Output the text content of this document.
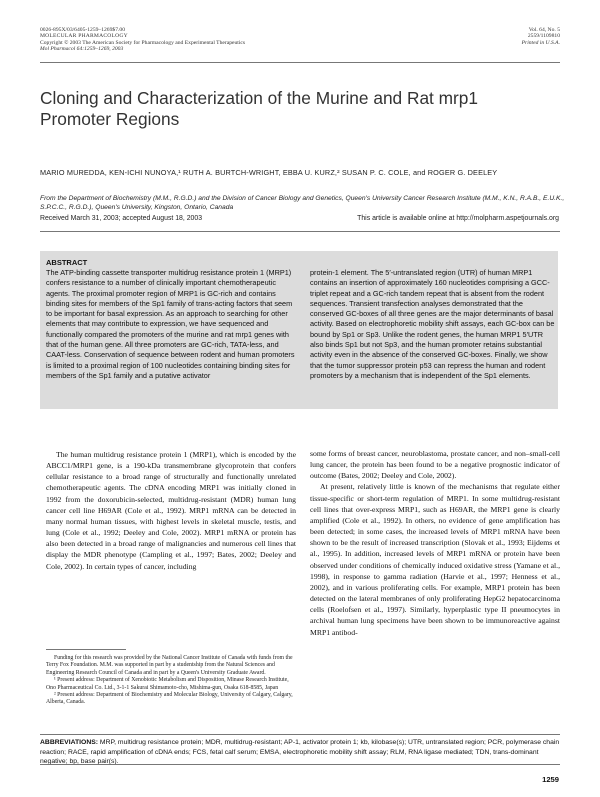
0026-895X/03/6405-1259–1269$7.00
MOLECULAR PHARMACOLOGY
Copyright © 2003 The American Society for Pharmacology and Experimental Therapeutics
Mol Pharmacol 64:1259–1269, 2003
Vol. 64, No. 5
2559/1109810
Printed in U.S.A.
Cloning and Characterization of the Murine and Rat mrp1 Promoter Regions
MARIO MUREDDA, KEN-ICHI NUNOYA,¹ RUTH A. BURTCH-WRIGHT, EBBA U. KURZ,² SUSAN P. C. COLE, and ROGER G. DEELEY
From the Department of Biochemistry (M.M., R.G.D.) and the Division of Cancer Biology and Genetics, Queen's University Cancer Research Institute (M.M., K.N., R.A.B., E.U.K., S.P.C.C., R.G.D.), Queen's University, Kingston, Ontario, Canada
Received March 31, 2003; accepted August 18, 2003	This article is available online at http://molpharm.aspetjournals.org
ABSTRACT
The ATP-binding cassette transporter multidrug resistance protein 1 (MRP1) confers resistance to a number of clinically important chemotherapeutic agents. The proximal promoter region of MRP1 is GC-rich and contains binding sites for members of the Sp1 family of trans-acting factors that seem to be important for basal expression. As an approach to searching for other elements that may contribute to expression, we have sequenced and functionally compared the promoters of the murine and rat mrp1 genes with that of the human gene. All three promoters are GC-rich, TATA-less, and CAAT-less. Conservation of sequence between rodent and human promoters is limited to a proximal region of 100 nucleotides containing binding sites for members of the Sp1 family and a putative activator
protein-1 element. The 5′-untranslated region (UTR) of human MRP1 contains an insertion of approximately 160 nucleotides comprising a GCC-triplet repeat and a GC-rich tandem repeat that is absent from the rodent sequences. Transient transfection analyses demonstrated that the conserved GC-boxes of all three genes are the major determinants of basal activity. Based on electrophoretic mobility shift assays, each GC-box can be bound by Sp1 or Sp3. Unlike the rodent genes, the human MRP1 5′UTR also binds Sp1 but not Sp3, and the human promoter retains substantial activity even in the absence of the conserved GC-boxes. Finally, we show that the tumor suppressor protein p53 can repress the human and rodent promoters by a mechanism that is independent of the Sp1 elements.

The human multidrug resistance protein 1 (MRP1), which is encoded by the ABCC1/MRP1 gene, is a 190-kDa transmembrane glycoprotein that confers cellular resistance to a broad range of structurally and functionally unrelated chemotherapeutic agents. The cDNA encoding MRP1 was initially cloned in 1992 from the doxorubicin-selected, multidrug-resistant (MDR) human lung cancer cell line H69AR (Cole et al., 1992). MRP1 mRNA can be detected in many normal human tissues, with highest levels in skeletal muscle, testis, and lung (Cole et al., 1992; Deeley and Cole, 2002). MRP1 mRNA or protein has also been detected in a broad range of malignancies and numerous cell lines that display the MDR phenotype (Campling et al., 1997; Bates, 2002; Deeley and Cole, 2002). In certain types of cancer, including

some forms of breast cancer, neuroblastoma, prostate cancer, and non–small-cell lung cancer, the protein has been found to be a negative prognostic indicator of outcome (Bates, 2002; Deeley and Cole, 2002).

At present, relatively little is known of the mechanisms that regulate either tissue-specific or short-term regulation of MRP1. In some multidrug-resistant cell lines that over-express MRP1, such as H69AR, the MRP1 gene is clearly amplified (Cole et al., 1992). In others, no evidence of gene amplification has been detected; in some cases, the increased levels of MRP1 mRNA have been shown to be the result of increased transcription (Slovak et al., 1993; Eijdems et al., 1995). In addition, increased levels of MRP1 mRNA or protein have been observed under conditions of chemically induced oxidative stress (Yamane et al., 1998), in response to gamma radiation (Harvie et al., 1997; Henness et al., 2002), and in various proliferating cells. For example, MRP1 protein has been detected on the lateral membranes of only proliferating HepG2 hepatocarcinoma cells (Roelofsen et al., 1997). Similarly, hyperplastic type II pneumocytes in archival human lung specimens have been shown to be immunoreactive against MRP1 antibod-

Funding for this research was provided by the National Cancer Institute of Canada with funds from the Terry Fox Foundation. M.M. was supported in part by a studentship from the Natural Sciences and Engineering Research Council of Canada and in part by a Queen's University Graduate Award.

¹ Present address: Department of Xenobiotic Metabolism and Disposition, Minase Research Institute, Ono Pharmaceutical Co. Ltd., 3-1-1 Sakurai Shimamoto-cho, Mishima-gun, Osaka 618-8585, Japan

² Present address: Department of Biochemistry and Molecular Biology, University of Calgary, Calgary, Alberta, Canada.

ABBREVIATIONS: MRP, multidrug resistance protein; MDR, multidrug-resistant; AP-1, activator protein 1; kb, kilobase(s); UTR, untranslated region; PCR, polymerase chain reaction; RACE, rapid amplification of cDNA ends; FCS, fetal calf serum; EMSA, electrophoretic mobility shift assay; RLM, RNA ligase mediated; TDN, trans-dominant negative; bp, base pair(s).
1259
